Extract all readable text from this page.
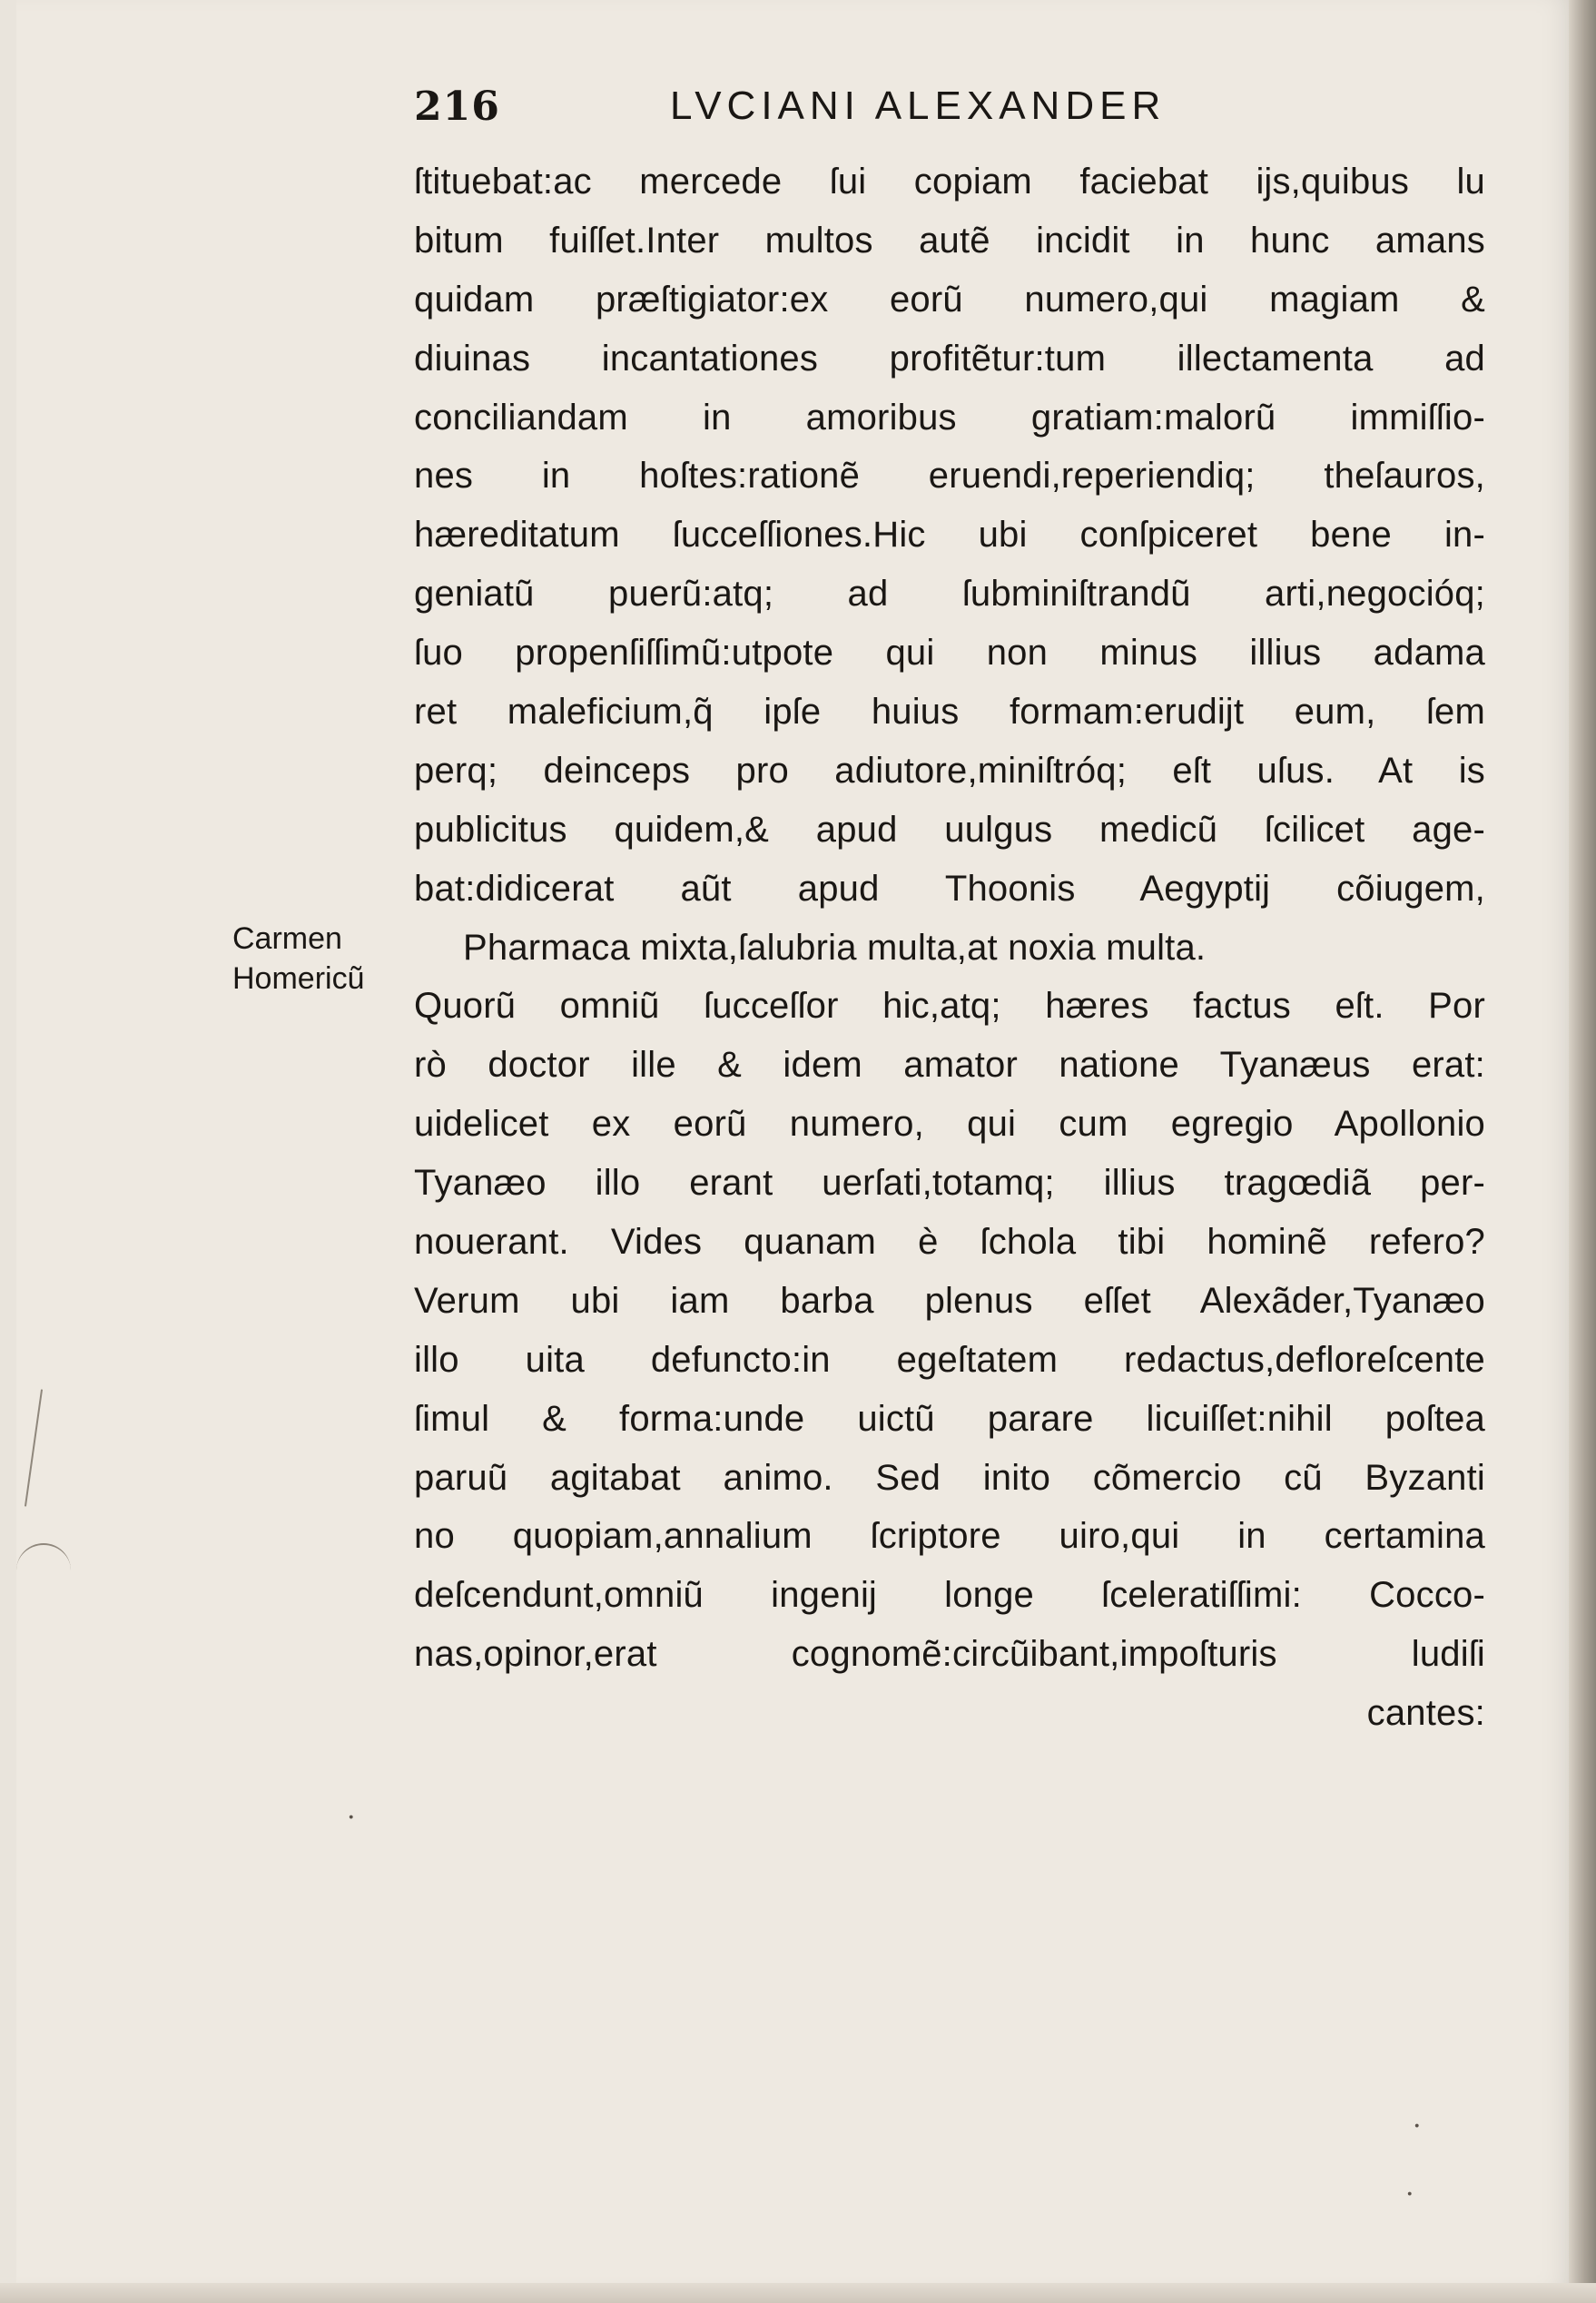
·
·
·
216	LVCIANI ALEXANDER
Carmen
Homericũ
ſtituebat:ac mercede ſui copiam faciebat ĳs,quibus lu
bitum fuiſſet.Inter multos autẽ incidit in hunc amans
quidam præſtigiator:ex eorũ numero,qui magiam &
diuinas incantationes profitẽtur:tum illectamenta ad
conciliandam in amoribus gratiam:malorũ immiſſio-
nes in hoſtes:rationẽ eruendi,reperiendiq; theſauros,
hæreditatum ſucceſſiones.Hic ubi conſpiceret bene in-
geniatũ puerũ:atq; ad ſubminiſtrandũ arti,negocióq;
ſuo propenſiſſimũ:utpote qui non minus illius adama
ret maleficium,q̃ ipſe huius formam:erudĳt eum, ſem
perq; deinceps pro adiutore,miniſtróq; eſt uſus. At is
publicitus quidem,& apud uulgus medicũ ſcilicet age-
bat:didicerat aũt apud Thoonis Aegyptĳ cõiugem,
Pharmaca mixta,ſalubria multa,at noxia multa.
Quorũ omniũ ſucceſſor hic,atq; hæres factus eſt. Por
rò doctor ille & idem amator natione Tyanæus erat:
uidelicet ex eorũ numero, qui cum egregio Apollonio
Tyanæo illo erant uerſati,totamq; illius tragœdiã per-
nouerant. Vides quanam è ſchola tibi hominẽ refero?
Verum ubi iam barba plenus eſſet Alexãder,Tyanæo
illo uita defuncto:in egeſtatem redactus,defloreſcente
ſimul & forma:unde uictũ parare licuiſſet:nihil poſtea
paruũ agitabat animo. Sed inito cõmercio cũ Byzanti
no quopiam,annalium ſcriptore uiro,qui in certamina
deſcendunt,omniũ ingenĳ longe ſceleratiſſimi: Cocco-
nas,opinor,erat cognomẽ:circũibant,impoſturis ludiſi
cantes:
